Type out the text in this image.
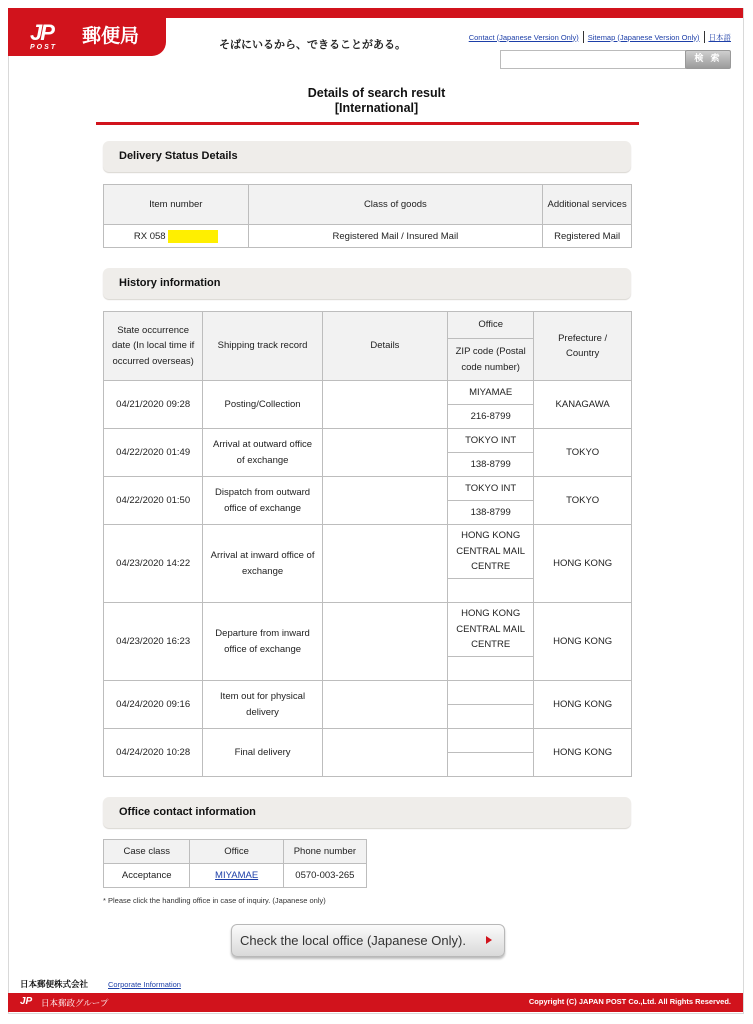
JP
POST
郵便局	そばにいるから、できることがある。
Contact (Japanese Version Only) Sitemap (Japanese Version Only) 日本語
検 索
Details of search result
[International]
Delivery Status Details
Item number	Class of goods	Additional services
RX 058	Registered Mail / Insured Mail	Registered Mail
History information
State occurrence date (In local time if occurred overseas)	Shipping track record	Details	Office	Prefecture / Country
			ZIP code (Postal code number)	
04/21/2020 09:28	Posting/Collection		MIYAMAE	KANAGAWA
			216-8799	
04/22/2020 01:49	Arrival at outward office of exchange		TOKYO INT	TOKYO
			138-8799	
04/22/2020 01:50	Dispatch from outward office of exchange		TOKYO INT	TOKYO
			138-8799	
04/23/2020 14:22	Arrival at inward office of exchange		HONG KONG CENTRAL MAIL CENTRE	HONG KONG

04/23/2020 16:23	Departure from inward office of exchange		HONG KONG CENTRAL MAIL CENTRE	HONG KONG

04/24/2020 09:16	Item out for physical delivery			HONG KONG

04/24/2020 10:28	Final delivery			HONG KONG

Office contact information
Case class	Office	Phone number
Acceptance	MIYAMAE	0570-003-265
* Please click the handling office in case of inquiry. (Japanese only)
Check the local office (Japanese Only).
日本郵便株式会社	Corporate Information
JP 日本郵政グループ	Copyright (C) JAPAN POST Co.,Ltd. All Rights Reserved.
